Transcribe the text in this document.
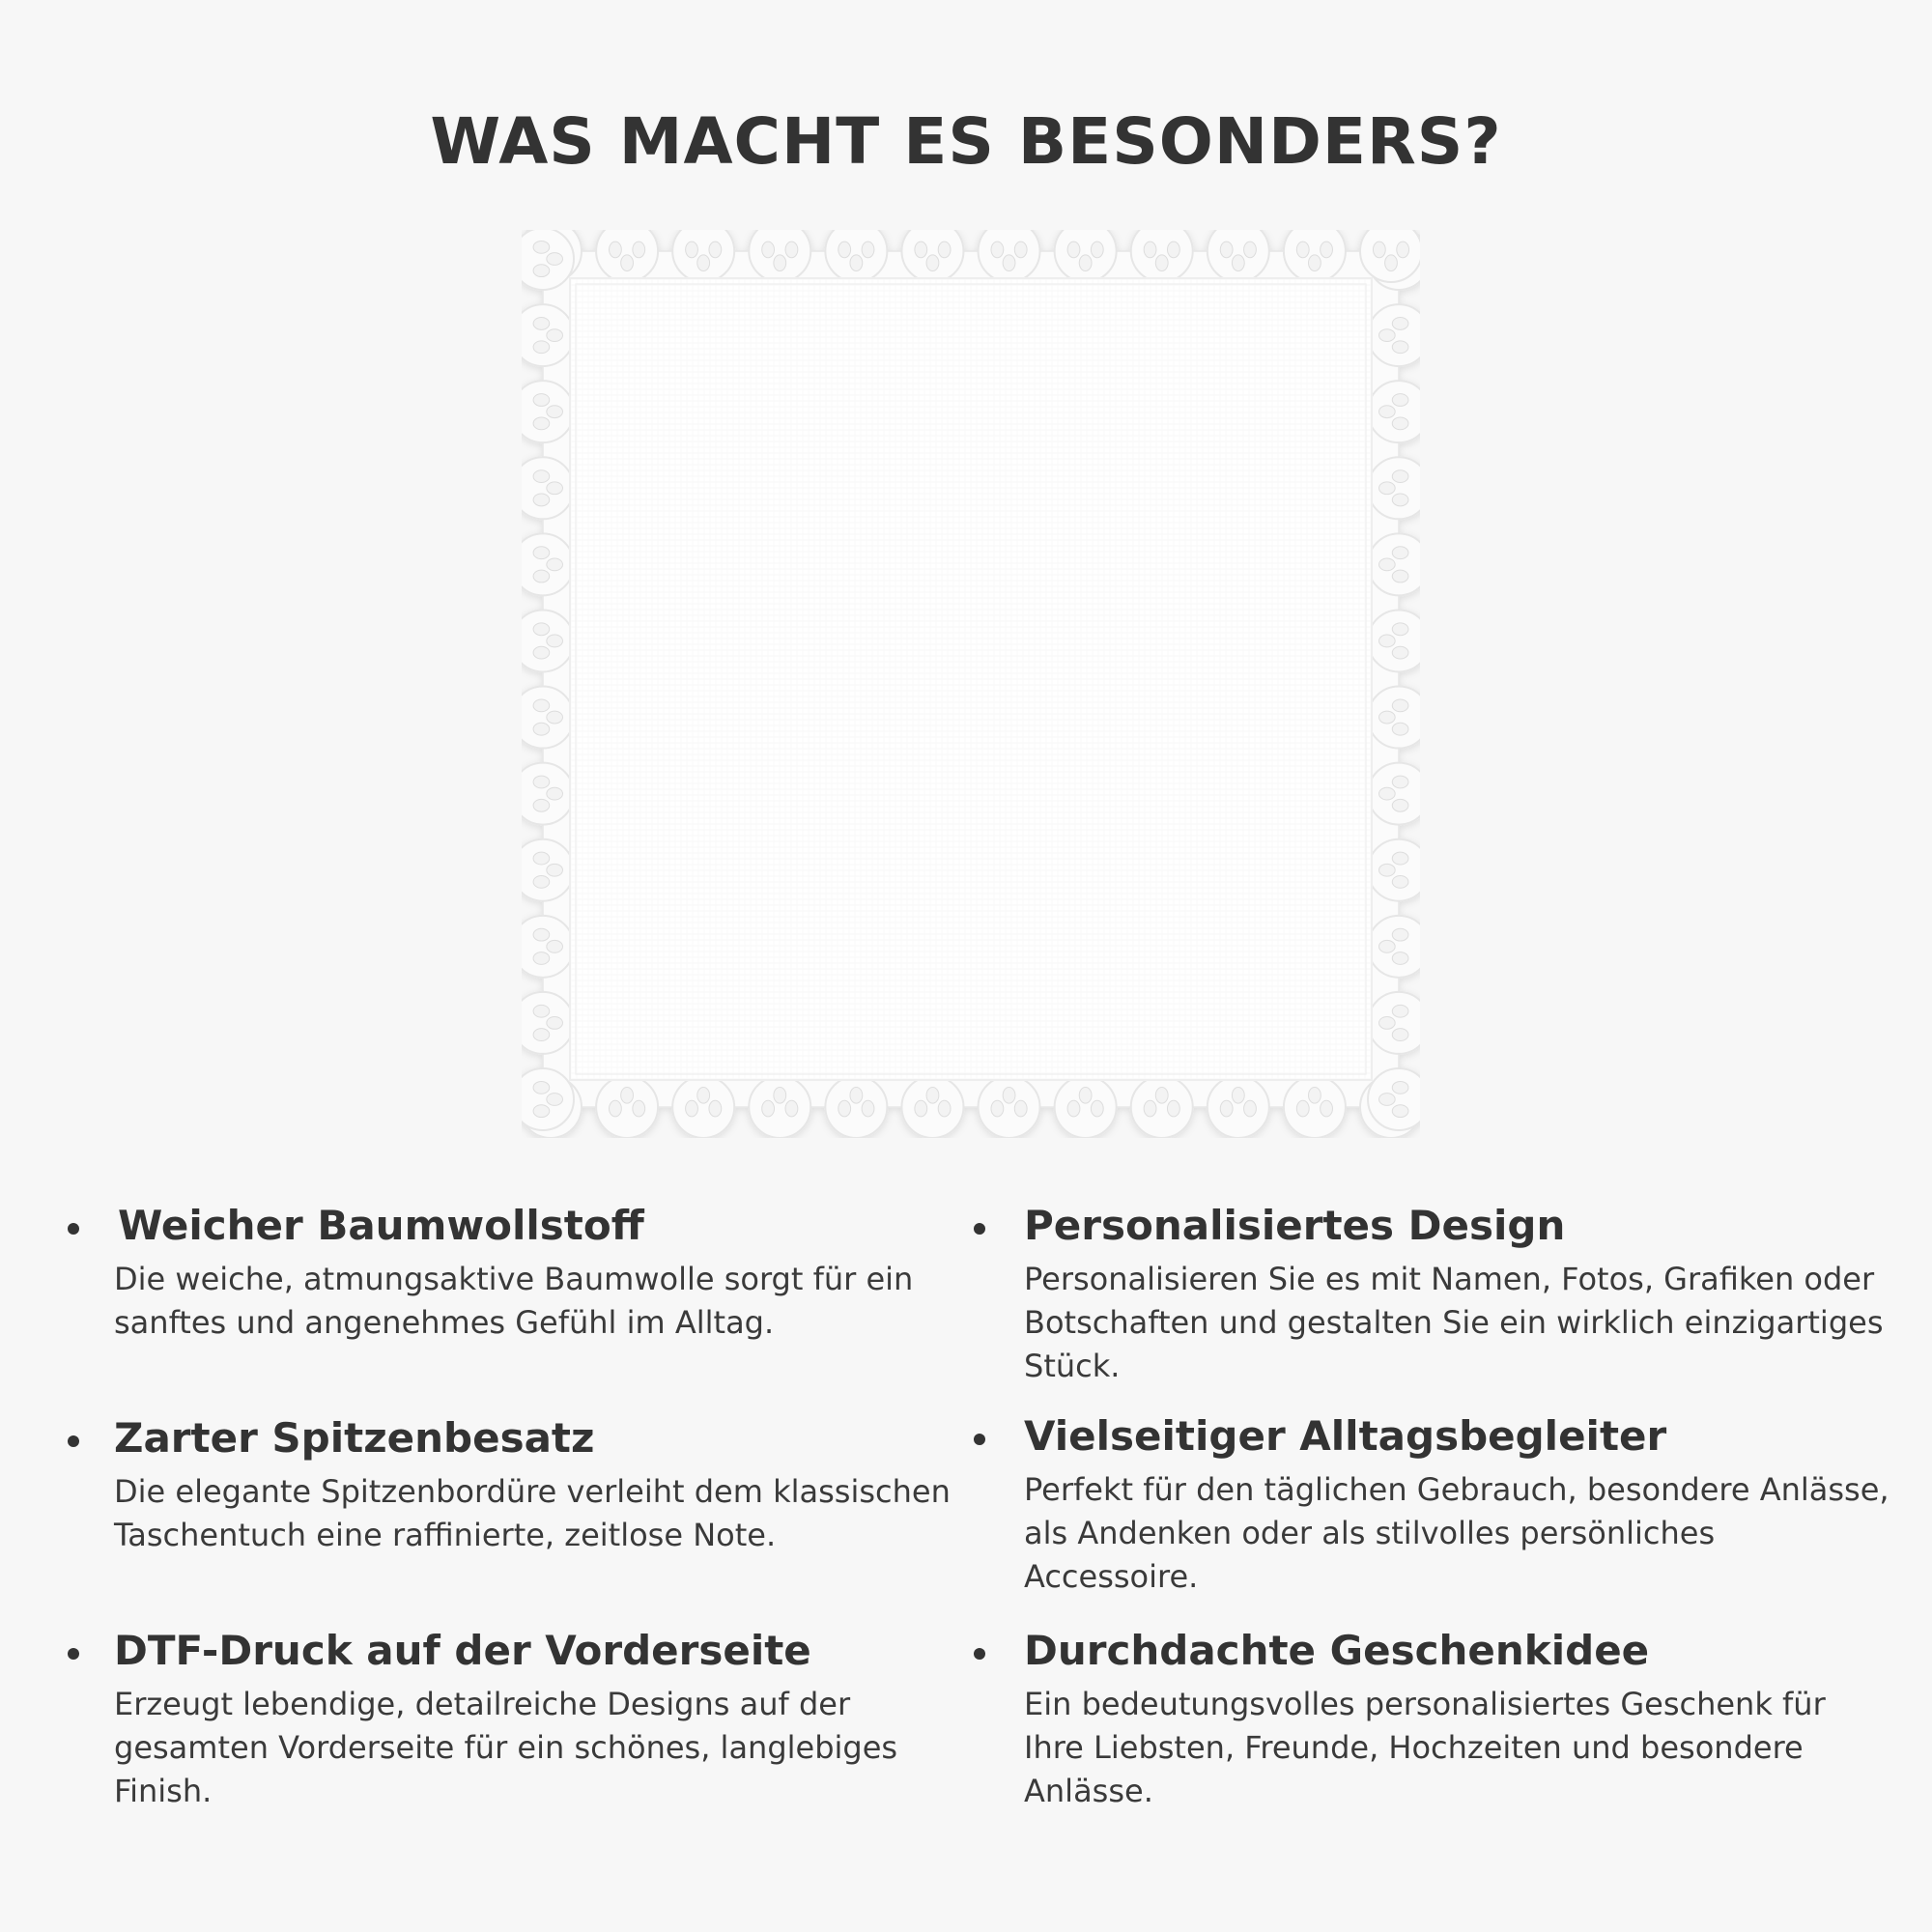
WAS MACHT ES BESONDERS?
Weicher Baumwollstoff

Die weiche, atmungsaktive Baumwolle sorgt für ein sanftes und angenehmes Gefühl im Alltag.

Personalisiertes Design

Personalisieren Sie es mit Namen, Fotos, Grafiken oder Botschaften und gestalten Sie ein wirklich einzigartiges Stück.

Zarter Spitzenbesatz

Die elegante Spitzenbordüre verleiht dem klassischen Taschentuch eine raffinierte, zeitlose Note.

Vielseitiger Alltagsbegleiter

Perfekt für den täglichen Gebrauch, besondere Anlässe, als Andenken oder als stilvolles persönliches Accessoire.

DTF-Druck auf der Vorderseite

Erzeugt lebendige, detailreiche Designs auf der gesamten Vorderseite für ein schönes, langlebiges Finish.

Durchdachte Geschenkidee

Ein bedeutungsvolles personalisiertes Geschenk für Ihre Liebsten, Freunde, Hochzeiten und besondere Anlässe.
